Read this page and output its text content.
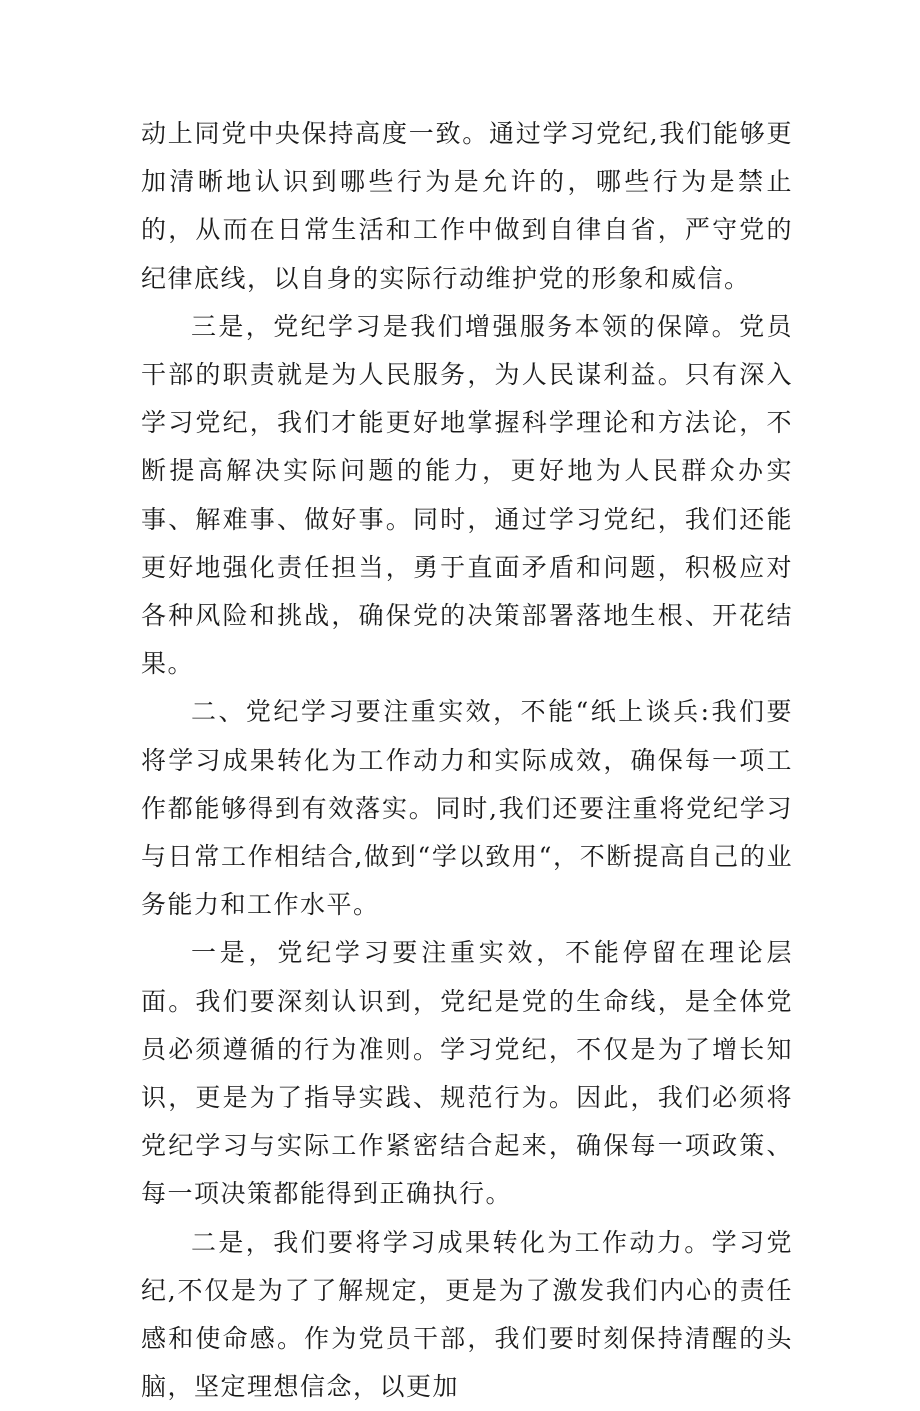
动上同党中央保持高度一致。通过学习党纪,我们能够更加清晰地认识到哪些行为是允许的，哪些行为是禁止的，从而在日常生活和工作中做到自律自省，严守党的纪律底线，以自身的实际行动维护党的形象和威信。

三是，党纪学习是我们增强服务本领的保障。党员干部的职责就是为人民服务，为人民谋利益。只有深入学习党纪，我们才能更好地掌握科学理论和方法论，不断提高解决实际问题的能力，更好地为人民群众办实事、解难事、做好事。同时，通过学习党纪，我们还能更好地强化责任担当，勇于直面矛盾和问题，积极应对各种风险和挑战，确保党的决策部署落地生根、开花结果。

二、党纪学习要注重实效，不能“纸上谈兵:我们要将学习成果转化为工作动力和实际成效，确保每一项工作都能够得到有效落实。同时,我们还要注重将党纪学习与日常工作相结合,做到“学以致用“，不断提高自己的业务能力和工作水平。

一是，党纪学习要注重实效，不能停留在理论层面。我们要深刻认识到，党纪是党的生命线，是全体党员必须遵循的行为准则。学习党纪，不仅是为了增长知识，更是为了指导实践、规范行为。因此，我们必须将党纪学习与实际工作紧密结合起来，确保每一项政策、每一项决策都能得到正确执行。

二是，我们要将学习成果转化为工作动力。学习党纪,不仅是为了了解规定，更是为了激发我们内心的责任感和使命感。作为党员干部，我们要时刻保持清醒的头脑，坚定理想信念，以更加
